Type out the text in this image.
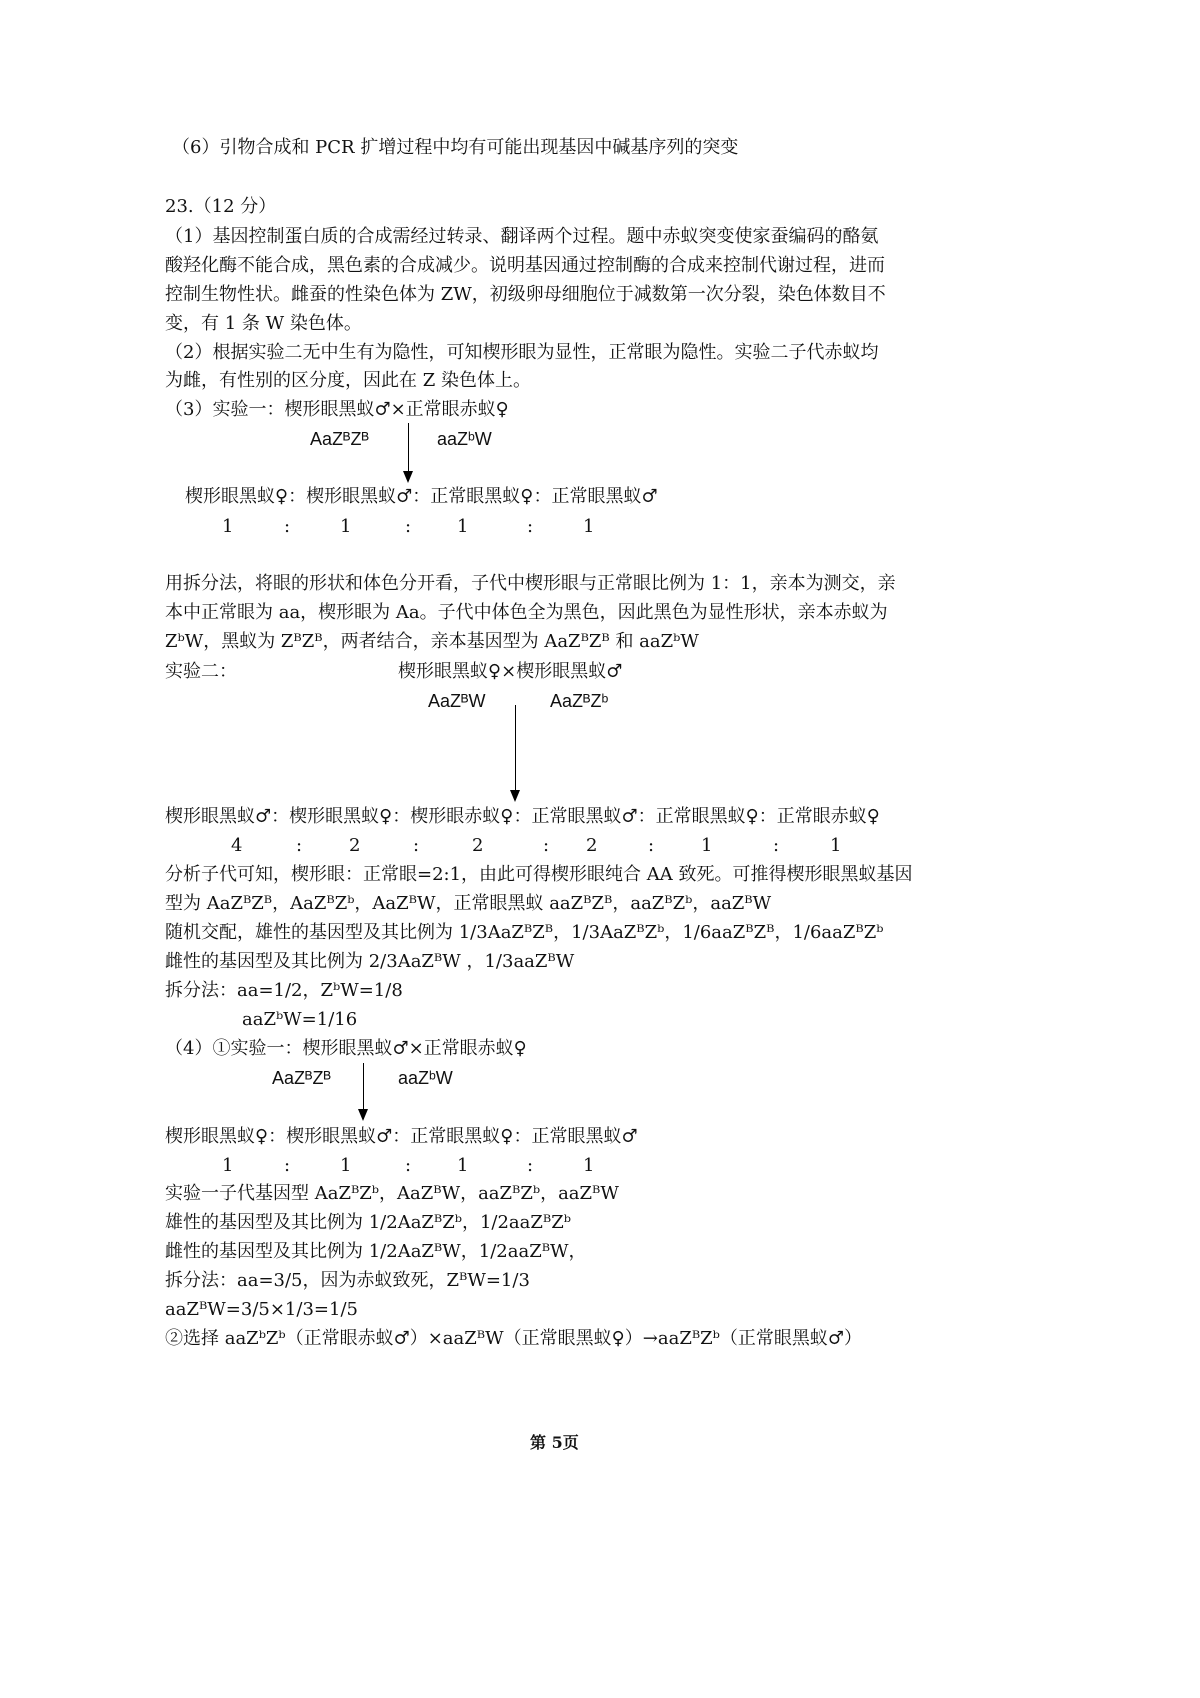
（6）引物合成和 PCR 扩增过程中均有可能出现基因中碱基序列的突变
23.（12 分）
（1）基因控制蛋白质的合成需经过转录、翻译两个过程。题中赤蚁突变使家蚕编码的酪氨
酸羟化酶不能合成，黑色素的合成减少。说明基因通过控制酶的合成来控制代谢过程，进而
控制生物性状。雌蚕的性染色体为 ZW，初级卵母细胞位于减数第一次分裂，染色体数目不
变，有 1 条 W 染色体。
（2）根据实验二无中生有为隐性，可知楔形眼为显性，正常眼为隐性。实验二子代赤蚁均
为雌，有性别的区分度，因此在 Z 染色体上。
（3）实验一：楔形眼黑蚁♂×正常眼赤蚁♀
AaZᴮZᴮ	aaZᵇW
楔形眼黑蚁♀：楔形眼黑蚁♂：正常眼黑蚁♀：正常眼黑蚁♂
1	:	1	:	1	:	1
用拆分法，将眼的形状和体色分开看，子代中楔形眼与正常眼比例为 1：1，亲本为测交，亲
本中正常眼为 aa，楔形眼为 Aa。子代中体色全为黑色，因此黑色为显性形状，亲本赤蚁为
ZᵇW，黑蚁为 ZᴮZᴮ，两者结合，亲本基因型为 AaZᴮZᴮ 和 aaZᵇW
实验二：	楔形眼黑蚁♀×楔形眼黑蚁♂
AaZᴮW	AaZᴮZᵇ
楔形眼黑蚁♂：楔形眼黑蚁♀：楔形眼赤蚁♀：正常眼黑蚁♂：正常眼黑蚁♀：正常眼赤蚁♀
4	:	2	:	2	: 2	:	1	:	1
分析子代可知，楔形眼：正常眼=2:1，由此可得楔形眼纯合 AA 致死。可推得楔形眼黑蚁基因
型为 AaZᴮZᴮ，AaZᴮZᵇ，AaZᴮW，正常眼黑蚁 aaZᴮZᴮ，aaZᴮZᵇ，aaZᴮW
随机交配，雄性的基因型及其比例为 1/3AaZᴮZᴮ，1/3AaZᴮZᵇ，1/6aaZᴮZᴮ，1/6aaZᴮZᵇ
雌性的基因型及其比例为 2/3AaZᴮW ，1/3aaZᴮW
拆分法：aa=1/2，ZᵇW=1/8
aaZᵇW=1/16
（4）①实验一：楔形眼黑蚁♂×正常眼赤蚁♀
AaZᴮZᴮ	aaZᵇW
楔形眼黑蚁♀：楔形眼黑蚁♂：正常眼黑蚁♀：正常眼黑蚁♂
1	:	1	:	1	:	1
实验一子代基因型 AaZᴮZᵇ，AaZᴮW，aaZᴮZᵇ，aaZᴮW
雄性的基因型及其比例为 1/2AaZᴮZᵇ，1/2aaZᴮZᵇ
雌性的基因型及其比例为 1/2AaZᴮW，1/2aaZᴮW，
拆分法：aa=3/5，因为赤蚁致死，ZᴮW=1/3
aaZᴮW=3/5×1/3=1/5
②选择 aaZᵇZᵇ（正常眼赤蚁♂）×aaZᴮW（正常眼黑蚁♀）→aaZᴮZᵇ（正常眼黑蚁♂）
第 5页
